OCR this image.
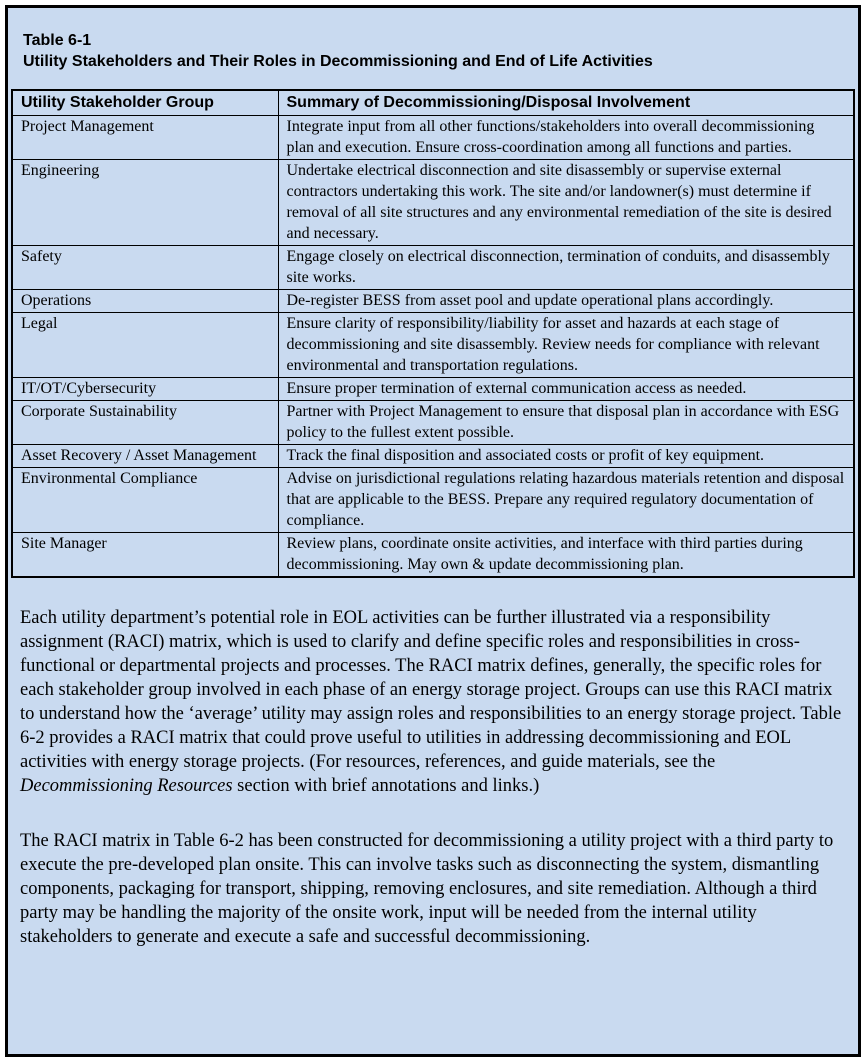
Table 6-1
Utility Stakeholders and Their Roles in Decommissioning and End of Life Activities
Utility Stakeholder Group	Summary of Decommissioning/Disposal Involvement
Project Management	Integrate input from all other functions/stakeholders into overall decommissioning plan and execution. Ensure cross-coordination among all functions and parties.
Engineering	Undertake electrical disconnection and site disassembly or supervise external contractors undertaking this work. The site and/or landowner(s) must determine if removal of all site structures and any environmental remediation of the site is desired and necessary.
Safety	Engage closely on electrical disconnection, termination of conduits, and disassembly site works.
Operations	De-register BESS from asset pool and update operational plans accordingly.
Legal	Ensure clarity of responsibility/liability for asset and hazards at each stage of decommissioning and site disassembly. Review needs for compliance with relevant environmental and transportation regulations.
IT/OT/Cybersecurity	Ensure proper termination of external communication access as needed.
Corporate Sustainability	Partner with Project Management to ensure that disposal plan in accordance with ESG policy to the fullest extent possible.
Asset Recovery / Asset Management	Track the final disposition and associated costs or profit of key equipment.
Environmental Compliance	Advise on jurisdictional regulations relating hazardous materials retention and disposal that are applicable to the BESS. Prepare any required regulatory documentation of compliance.
Site Manager	Review plans, coordinate onsite activities, and interface with third parties during decommissioning. May own & update decommissioning plan.

Each utility department’s potential role in EOL activities can be further illustrated via a responsibility assignment (RACI) matrix, which is used to clarify and define specific roles and responsibilities in cross-functional or departmental projects and processes. The RACI matrix defines, generally, the specific roles for each stakeholder group involved in each phase of an energy storage project. Groups can use this RACI matrix to understand how the ‘average’ utility may assign roles and responsibilities to an energy storage project. Table 6-2 provides a RACI matrix that could prove useful to utilities in addressing decommissioning and EOL activities with energy storage projects. (For resources, references, and guide materials, see the Decommissioning Resources section with brief annotations and links.)

The RACI matrix in Table 6-2 has been constructed for decommissioning a utility project with a third party to execute the pre-developed plan onsite. This can involve tasks such as disconnecting the system, dismantling components, packaging for transport, shipping, removing enclosures, and site remediation. Although a third party may be handling the majority of the onsite work, input will be needed from the internal utility stakeholders to generate and execute a safe and successful decommissioning.
